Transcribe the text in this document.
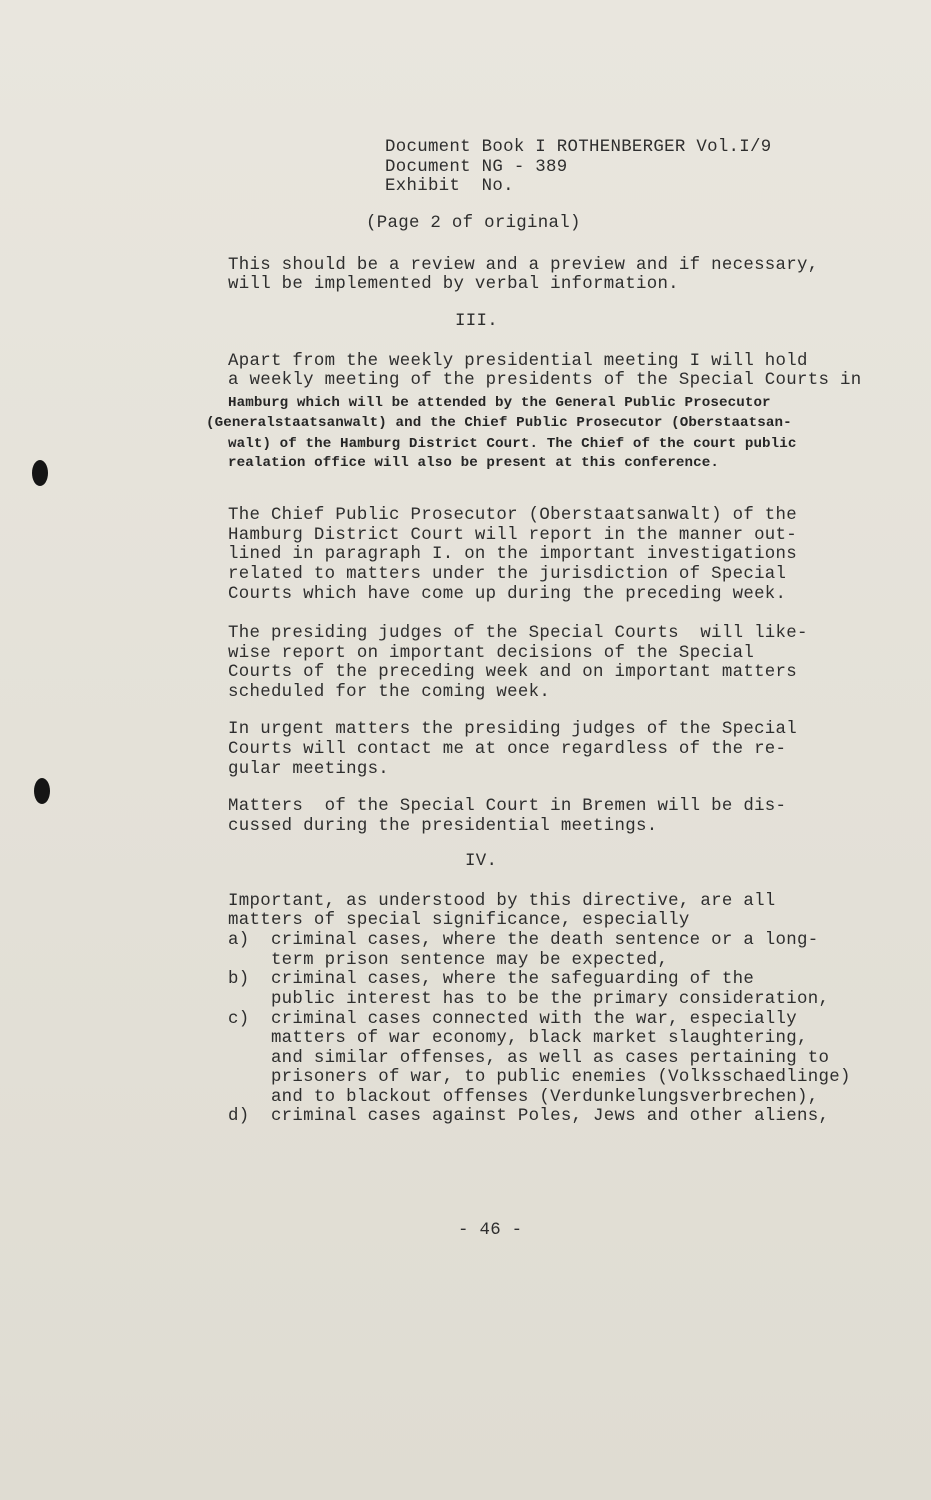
Document Book I ROTHENBERGER Vol.I/9
Document NG - 389
Exhibit  No.
(Page 2 of original)
This should be a review and a preview and if necessary,
will be implemented by verbal information.
III.
Apart from the weekly presidential meeting I will hold
a weekly meeting of the presidents of the Special Courts in
Hamburg which will be attended by the General Public Prosecutor
(Generalstaatsanwalt) and the Chief Public Prosecutor (Oberstaatsan-
walt) of the Hamburg District Court. The Chief of the court public
realation office will also be present at this conference.
The Chief Public Prosecutor (Oberstaatsanwalt) of the
Hamburg District Court will report in the manner out-
lined in paragraph I. on the important investigations
related to matters under the jurisdiction of Special
Courts which have come up during the preceding week.
The presiding judges of the Special Courts  will like-
wise report on important decisions of the Special
Courts of the preceding week and on important matters
scheduled for the coming week.
In urgent matters the presiding judges of the Special
Courts will contact me at once regardless of the re-
gular meetings.
Matters  of the Special Court in Bremen will be dis-
cussed during the presidential meetings.
IV.
Important, as understood by this directive, are all
matters of special significance, especially
a)  criminal cases, where the death sentence or a long-
term prison sentence may be expected,
b)  criminal cases, where the safeguarding of the
public interest has to be the primary consideration,
c)  criminal cases connected with the war, especially
matters of war economy, black market slaughtering,
and similar offenses, as well as cases pertaining to
prisoners of war, to public enemies (Volksschaedlinge)
and to blackout offenses (Verdunkelungsverbrechen),
d)  criminal cases against Poles, Jews and other aliens,
- 46 -
